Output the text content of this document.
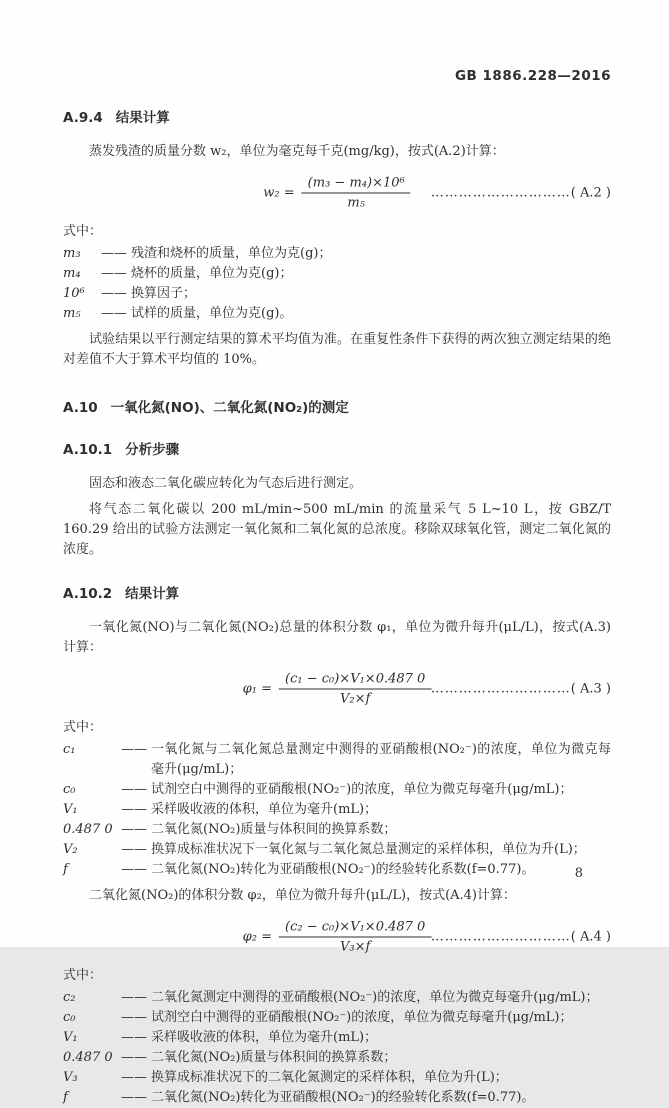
GB 1886.228—2016
A.9.4 结果计算

蒸发残渣的质量分数 w₂，单位为毫克每千克(mg/kg)，按式(A.2)计算：

$w_2 = \frac{\text{(m₃ − m₄)×10⁶}}{\text{m₅}}$ …………………………( A.2 )

式中：

m₃	—— 残渣和烧杯的质量，单位为克(g)；
m₄	—— 烧杯的质量，单位为克(g)；
10⁶	—— 换算因子；
m₅	—— 试样的质量，单位为克(g)。

试验结果以平行测定结果的算术平均值为准。在重复性条件下获得的两次独立测定结果的绝对差值不大于算术平均值的 10%。

A.10 一氧化氮(NO)、二氧化氮(NO₂)的测定
A.10.1 分析步骤

固态和液态二氧化碳应转化为气态后进行测定。

将气态二氧化碳以 200 mL/min~500 mL/min 的流量采气 5 L~10 L，按 GBZ/T 160.29 给出的试验方法测定一氧化氮和二氧化氮的总浓度。移除双球氧化管，测定二氧化氮的浓度。

A.10.2 结果计算

一氧化氮(NO)与二氧化氮(NO₂)总量的体积分数 φ₁，单位为微升每升(μL/L)，按式(A.3)计算：

$\varphi_1 = \frac{\text{(c₁ − c₀)×V₁×0.487 0}}{\text{V₂×f}}$ …………………………( A.3 )

式中：

c₁	—— 一氧化氮与二氧化氮总量测定中测得的亚硝酸根(NO₂⁻)的浓度，单位为微克每毫升(μg/mL)；
c₀	—— 试剂空白中测得的亚硝酸根(NO₂⁻)的浓度，单位为微克每毫升(μg/mL)；
V₁	—— 采样吸收液的体积，单位为毫升(mL)；
0.487 0 —— 二氧化氮(NO₂)质量与体积间的换算系数；
V₂	—— 换算成标准状况下一氧化氮与二氧化氮总量测定的采样体积，单位为升(L)；
f	—— 二氧化氮(NO₂)转化为亚硝酸根(NO₂⁻)的经验转化系数(f=0.77)。

二氧化氮(NO₂)的体积分数 φ₂，单位为微升每升(μL/L)，按式(A.4)计算：

$\varphi_2 = \frac{\text{(c₂ − c₀)×V₁×0.487 0}}{\text{V₃×f}}$ …………………………( A.4 )

式中：

c₂	—— 二氧化氮测定中测得的亚硝酸根(NO₂⁻)的浓度，单位为微克每毫升(μg/mL)；
c₀	—— 试剂空白中测得的亚硝酸根(NO₂⁻)的浓度，单位为微克每毫升(μg/mL)；
V₁	—— 采样吸收液的体积，单位为毫升(mL)；
0.487 0 —— 二氧化氮(NO₂)质量与体积间的换算系数；
V₃	—— 换算成标准状况下的二氧化氮测定的采样体积，单位为升(L)；
f	—— 二氧化氮(NO₂)转化为亚硝酸根(NO₂⁻)的经验转化系数(f=0.77)。
8
